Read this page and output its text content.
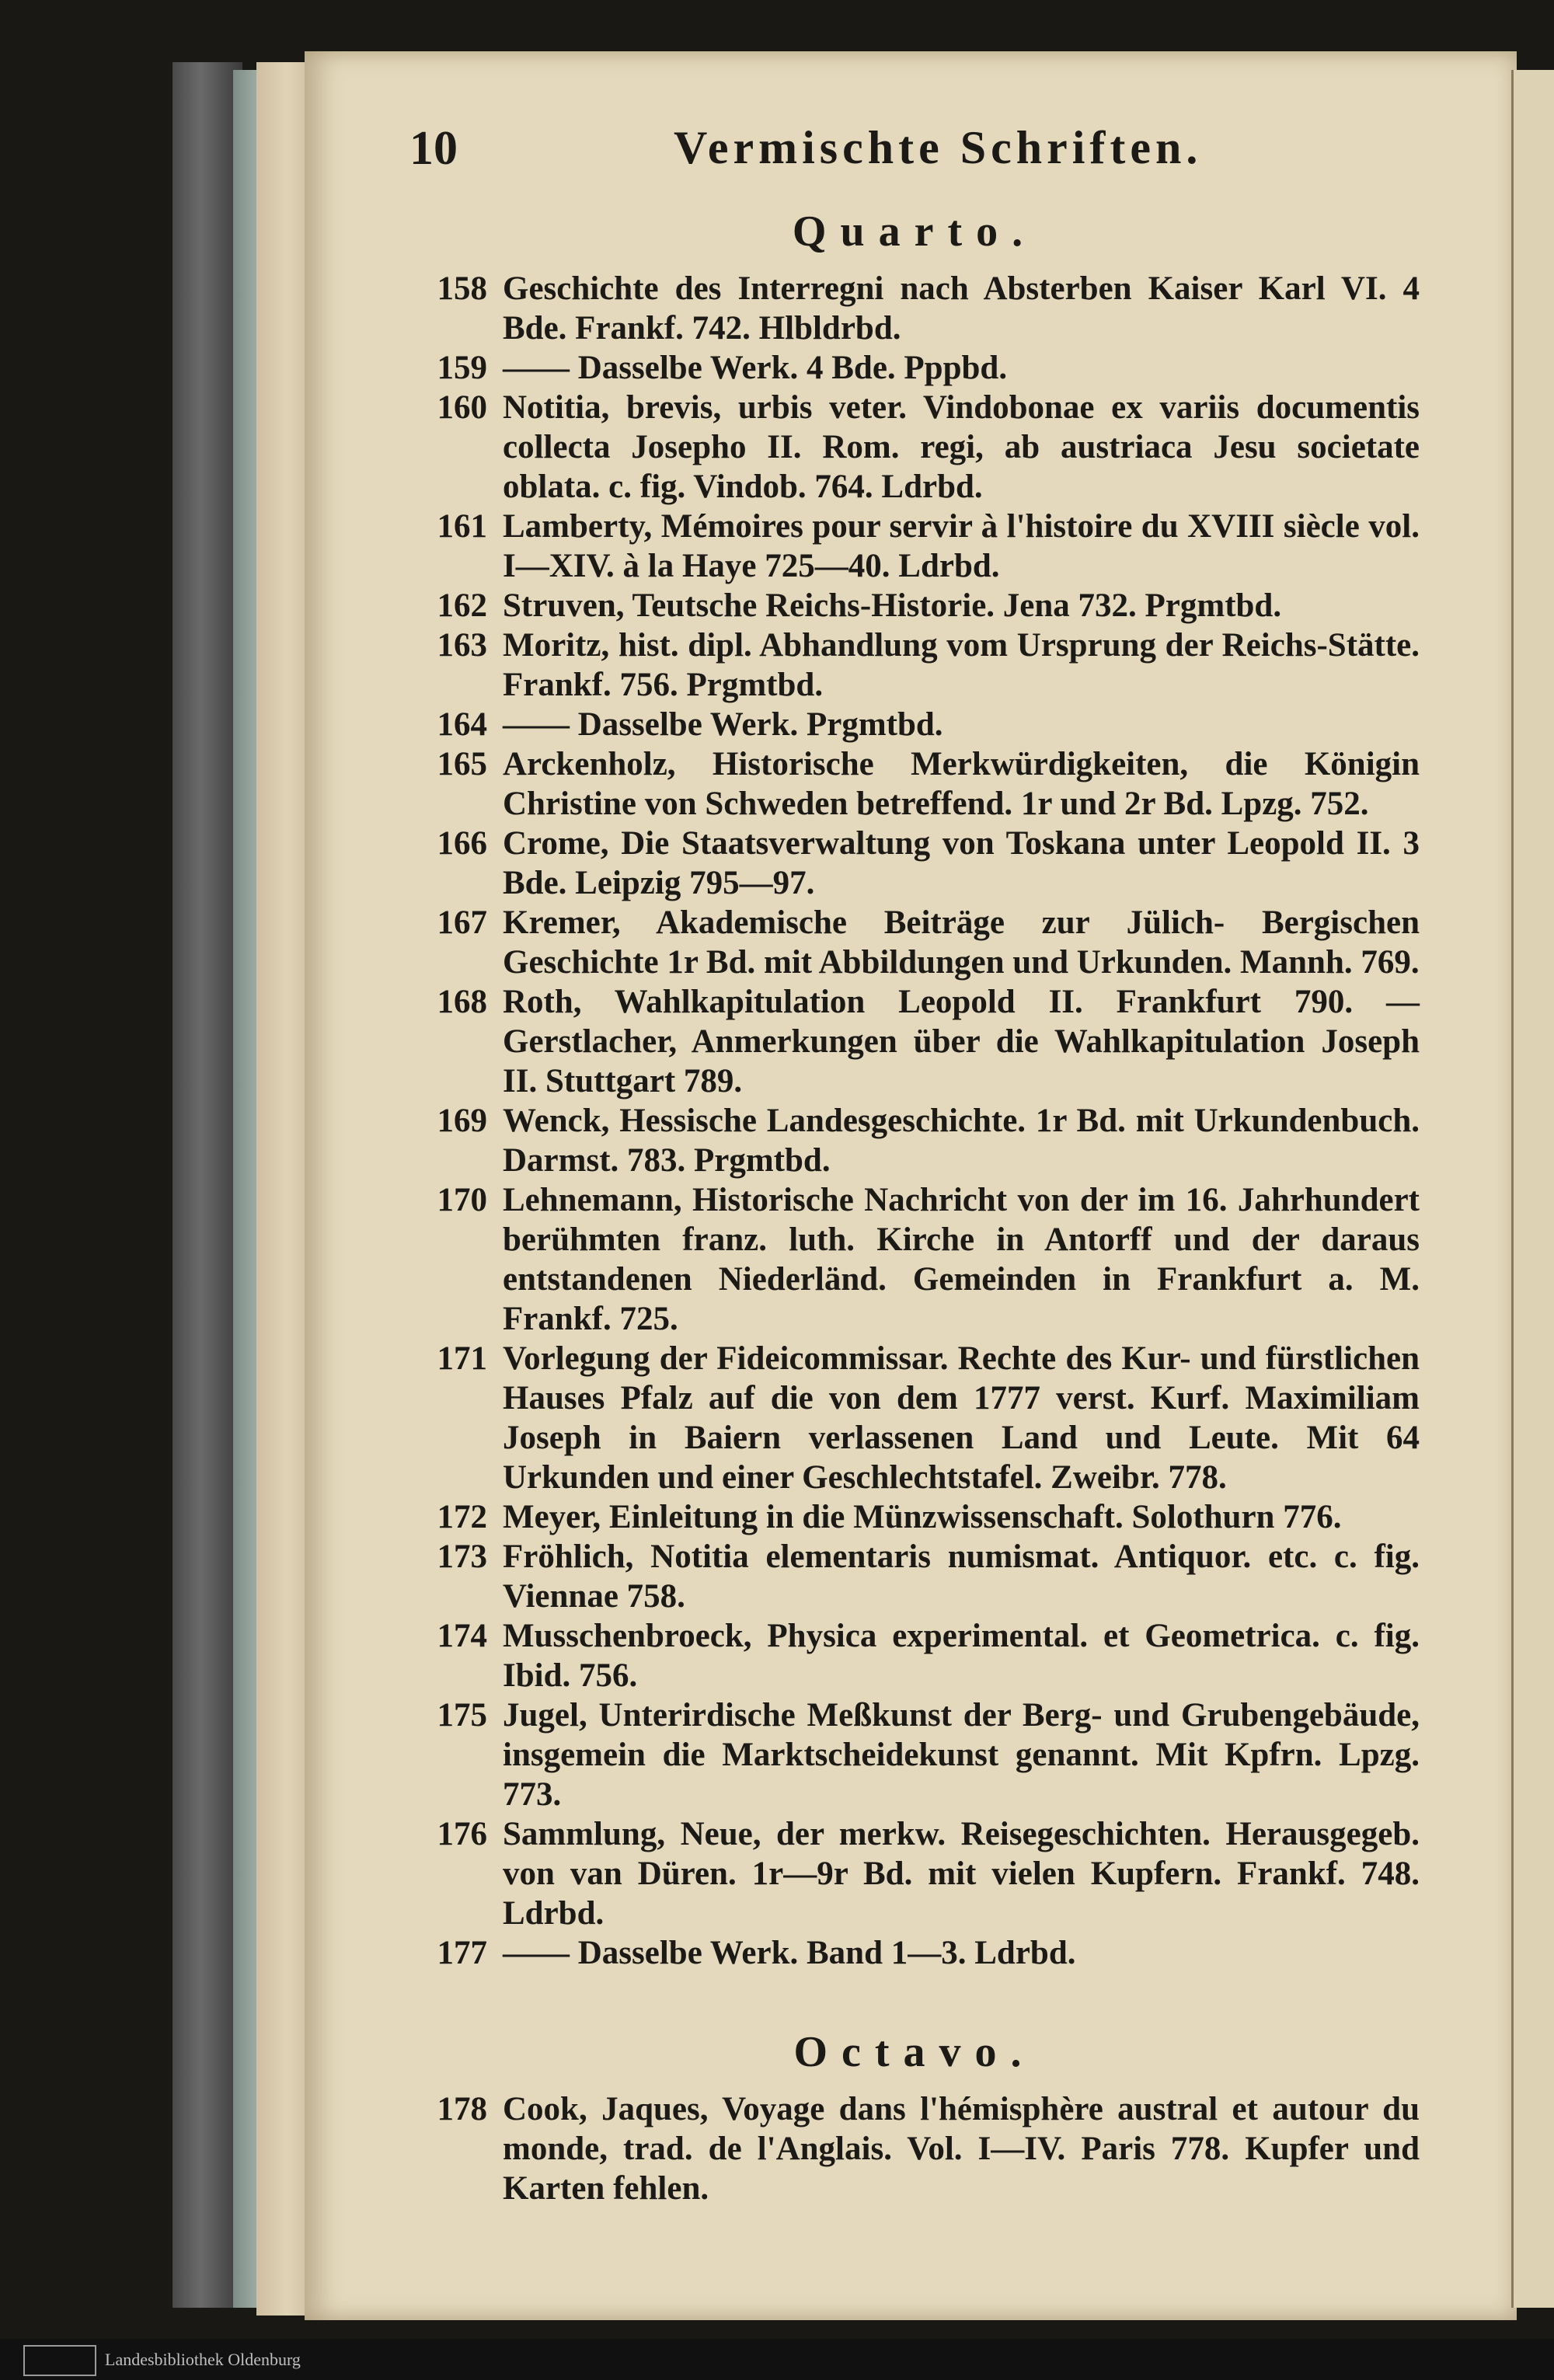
10	Vermischte Schriften.
Quarto.
158 Geschichte des Interregni nach Absterben Kaiser Karl VI. 4 Bde. Frankf. 742. Hlbldrbd.
159 —— Dasselbe Werk. 4 Bde. Pppbd.
160 Notitia, brevis, urbis veter. Vindobonae ex variis documentis collecta Josepho II. Rom. regi, ab austriaca Jesu societate oblata. c. fig. Vindob. 764. Ldrbd.
161 Lamberty, Mémoires pour servir à l'histoire du XVIII siècle vol. I—XIV. à la Haye 725—40. Ldrbd.
162 Struven, Teutsche Reichs-Historie. Jena 732. Prgmtbd.
163 Moritz, hist. dipl. Abhandlung vom Ursprung der Reichs-Stätte. Frankf. 756. Prgmtbd.
164 —— Dasselbe Werk. Prgmtbd.
165 Arckenholz, Historische Merkwürdigkeiten, die Königin Christine von Schweden betreffend. 1r und 2r Bd. Lpzg. 752.
166 Crome, Die Staatsverwaltung von Toskana unter Leopold II. 3 Bde. Leipzig 795—97.
167 Kremer, Akademische Beiträge zur Jülich- Bergischen Geschichte 1r Bd. mit Abbildungen und Urkunden. Mannh. 769.
168 Roth, Wahlkapitulation Leopold II. Frankfurt 790. — Gerstlacher, Anmerkungen über die Wahlkapitulation Joseph II. Stuttgart 789.
169 Wenck, Hessische Landesgeschichte. 1r Bd. mit Urkundenbuch. Darmst. 783. Prgmtbd.
170 Lehnemann, Historische Nachricht von der im 16. Jahrhundert berühmten franz. luth. Kirche in Antorff und der daraus entstandenen Niederländ. Gemeinden in Frankfurt a. M. Frankf. 725.
171 Vorlegung der Fideicommissar. Rechte des Kur- und fürstlichen Hauses Pfalz auf die von dem 1777 verst. Kurf. Maximiliam Joseph in Baiern verlassenen Land und Leute. Mit 64 Urkunden und einer Geschlechtstafel. Zweibr. 778.
172 Meyer, Einleitung in die Münzwissenschaft. Solothurn 776.
173 Fröhlich, Notitia elementaris numismat. Antiquor. etc. c. fig. Viennae 758.
174 Musschenbroeck, Physica experimental. et Geometrica. c. fig. Ibid. 756.
175 Jugel, Unterirdische Meßkunst der Berg- und Grubengebäude, insgemein die Marktscheidekunst genannt. Mit Kpfrn. Lpzg. 773.
176 Sammlung, Neue, der merkw. Reisegeschichten. Herausgegeb. von van Düren. 1r—9r Bd. mit vielen Kupfern. Frankf. 748. Ldrbd.
177 —— Dasselbe Werk. Band 1—3. Ldrbd.
Octavo.
178 Cook, Jaques, Voyage dans l'hémisphère austral et autour du monde, trad. de l'Anglais. Vol. I—IV. Paris 778. Kupfer und Karten fehlen.
Landesbibliothek Oldenburg
